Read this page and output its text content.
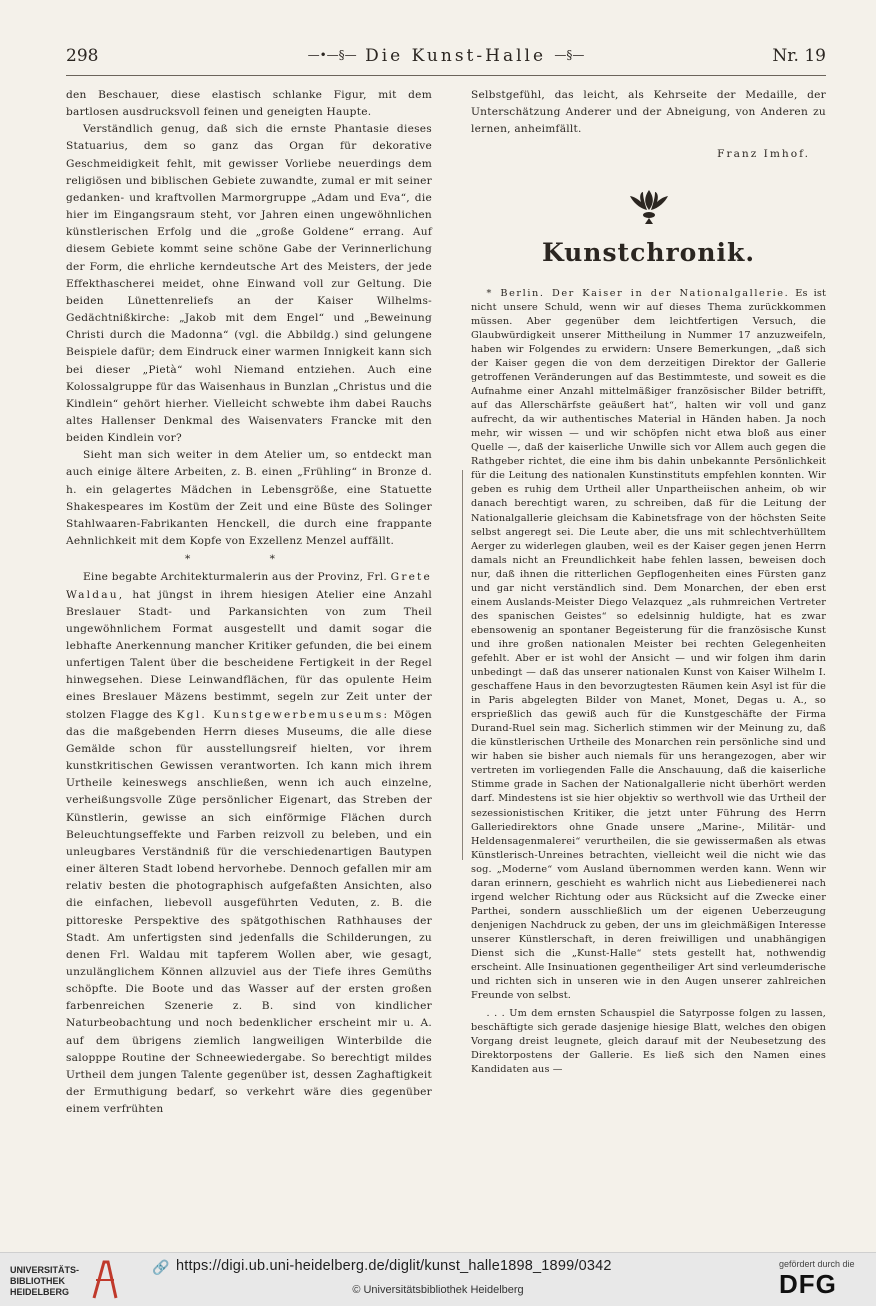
298	—•—§— Die Kunst-Halle —§—	Nr. 19

den Beschauer, diese elastisch schlanke Figur, mit dem bartlosen ausdrucksvoll feinen und geneigten Haupte.

Verständlich genug, daß sich die ernste Phantasie dieses Statuarius, dem so ganz das Organ für dekorative Geschmeidigkeit fehlt, mit gewisser Vorliebe neuerdings dem religiösen und biblischen Gebiete zuwandte, zumal er mit seiner gedanken- und kraftvollen Marmorgruppe „Adam und Eva“, die hier im Eingangsraum steht, vor Jahren einen ungewöhnlichen künstlerischen Erfolg und die „große Goldene“ errang. Auf diesem Gebiete kommt seine schöne Gabe der Verinnerlichung der Form, die ehrliche kerndeutsche Art des Meisters, der jede Effekthascherei meidet, ohne Einwand voll zur Geltung. Die beiden Lünettenreliefs an der Kaiser Wilhelms-Gedächtnißkirche: „Jakob mit dem Engel“ und „Beweinung Christi durch die Madonna“ (vgl. die Abbildg.) sind gelungene Beispiele dafür; dem Eindruck einer warmen Innigkeit kann sich bei dieser „Pietà“ wohl Niemand entziehen. Auch eine Kolossalgruppe für das Waisenhaus in Bunzlan „Christus und die Kindlein“ gehört hierher. Vielleicht schwebte ihm dabei Rauchs altes Hallenser Denkmal des Waisenvaters Francke mit den beiden Kindlein vor?

Sieht man sich weiter in dem Atelier um, so entdeckt man auch einige ältere Arbeiten, z. B. einen „Frühling“ in Bronze d. h. ein gelagertes Mädchen in Lebensgröße, eine Statuette Shakespeares im Kostüm der Zeit und eine Büste des Solinger Stahlwaaren-Fabrikanten Henckell, die durch eine frappante Aehnlichkeit mit dem Kopfe von Exzellenz Menzel auffällt.

* *

Eine begabte Architekturmalerin aus der Provinz, Frl. Grete Waldau, hat jüngst in ihrem hiesigen Atelier eine Anzahl Breslauer Stadt- und Parkansichten von zum Theil ungewöhnlichem Format ausgestellt und damit sogar die lebhafte Anerkennung mancher Kritiker gefunden, die bei einem unfertigen Talent über die bescheidene Fertigkeit in der Regel hinwegsehen. Diese Leinwandflächen, für das opulente Heim eines Breslauer Mäzens bestimmt, segeln zur Zeit unter der stolzen Flagge des Kgl. Kunstgewerbemuseums: Mögen das die maßgebenden Herrn dieses Museums, die alle diese Gemälde schon für ausstellungsreif hielten, vor ihrem kunstkritischen Gewissen verantworten. Ich kann mich ihrem Urtheile keineswegs anschließen, wenn ich auch einzelne, verheißungsvolle Züge persönlicher Eigenart, das Streben der Künstlerin, gewisse an sich einförmige Flächen durch Beleuchtungseffekte und Farben reizvoll zu beleben, und ein unleugbares Verständniß für die verschiedenartigen Bautypen einer älteren Stadt lobend hervorhebe. Dennoch gefallen mir am relativ besten die photographisch aufgefaßten Ansichten, also die einfachen, liebevoll ausgeführten Veduten, z. B. die pittoreske Perspektive des spätgothischen Rathhauses der Stadt. Am unfertigsten sind jedenfalls die Schilderungen, zu denen Frl. Waldau mit tapferem Wollen aber, wie gesagt, unzulänglichem Können allzuviel aus der Tiefe ihres Gemüths schöpfte. Die Boote und das Wasser auf der ersten großen farbenreichen Szenerie z. B. sind von kindlicher Naturbeobachtung und noch bedenklicher erscheint mir u. A. auf dem übrigens ziemlich langweiligen Winterbilde die salopppe Routine der Schneewiedergabe. So berechtigt mildes Urtheil dem jungen Talente gegenüber ist, dessen Zaghaftigkeit der Ermuthigung bedarf, so verkehrt wäre dies gegenüber einem verfrühten

Selbstgefühl, das leicht, als Kehrseite der Medaille, der Unterschätzung Anderer und der Abneigung, von Anderen zu lernen, anheimfällt.

Franz Imhof.

Kunstchronik.

* Berlin. Der Kaiser in der Nationalgallerie. Es ist nicht unsere Schuld, wenn wir auf dieses Thema zurückkommen müssen. Aber gegenüber dem leichtfertigen Versuch, die Glaubwürdigkeit unserer Mittheilung in Nummer 17 anzuzweifeln, haben wir Folgendes zu erwidern: Unsere Bemerkungen, „daß sich der Kaiser gegen die von dem derzeitigen Direktor der Gallerie getroffenen Veränderungen auf das Bestimmteste, und soweit es die Aufnahme einer Anzahl mittelmäßiger französischer Bilder betrifft, auf das Allerschärfste geäußert hat“, halten wir voll und ganz aufrecht, da wir authentisches Material in Händen haben. Ja noch mehr, wir wissen — und wir schöpfen nicht etwa bloß aus einer Quelle —, daß der kaiserliche Unwille sich vor Allem auch gegen die Rathgeber richtet, die eine ihm bis dahin unbekannte Persönlichkeit für die Leitung des nationalen Kunstinstituts empfehlen konnten. Wir geben es ruhig dem Urtheil aller Unpartheiischen anheim, ob wir danach berechtigt waren, zu schreiben, daß für die Leitung der Nationalgallerie gleichsam die Kabinetsfrage von der höchsten Seite selbst angeregt sei. Die Leute aber, die uns mit schlechtverhülltem Aerger zu widerlegen glauben, weil es der Kaiser gegen jenen Herrn damals nicht an Freundlichkeit habe fehlen lassen, beweisen doch nur, daß ihnen die ritterlichen Gepflogenheiten eines Fürsten ganz und gar nicht verständlich sind. Dem Monarchen, der eben erst einem Auslands-Meister Diego Velazquez „als ruhmreichen Vertreter des spanischen Geistes“ so edelsinnig huldigte, hat es zwar ebensowenig an spontaner Begeisterung für die französische Kunst und ihre großen nationalen Meister bei rechten Gelegenheiten gefehlt. Aber er ist wohl der Ansicht — und wir folgen ihm darin unbedingt — daß das unserer nationalen Kunst von Kaiser Wilhelm I. geschaffene Haus in den bevorzugtesten Räumen kein Asyl ist für die in Paris abgelegten Bilder von Manet, Monet, Degas u. A., so ersprießlich das gewiß auch für die Kunstgeschäfte der Firma Durand-Ruel sein mag. Sicherlich stimmen wir der Meinung zu, daß die künstlerischen Urtheile des Monarchen rein persönliche sind und wir haben sie bisher auch niemals für uns herangezogen, aber wir vertreten im vorliegenden Falle die Anschauung, daß die kaiserliche Stimme grade in Sachen der Nationalgallerie nicht überhört werden darf. Mindestens ist sie hier objektiv so werthvoll wie das Urtheil der sezessionistischen Kritiker, die jetzt unter Führung des Herrn Galleriedirektors ohne Gnade unsere „Marine-, Militär- und Heldensagenmalerei“ verurtheilen, die sie gewissermaßen als etwas Künstlerisch-Unreines betrachten, vielleicht weil die nicht wie das sog. „Moderne“ vom Ausland übernommen werden kann. Wenn wir daran erinnern, geschieht es wahrlich nicht aus Liebedienerei nach irgend welcher Richtung oder aus Rücksicht auf die Zwecke einer Parthei, sondern ausschließlich um der eigenen Ueberzeugung denjenigen Nachdruck zu geben, der uns im gleichmäßigen Interesse unserer Künstlerschaft, in deren freiwilligen und unabhängigen Dienst sich die „Kunst-Halle“ stets gestellt hat, nothwendig erscheint. Alle Insinuationen gegentheiliger Art sind verleumderische und richten sich in unseren wie in den Augen unserer zahlreichen Freunde von selbst.

. . . Um dem ernsten Schauspiel die Satyrposse folgen zu lassen, beschäftigte sich gerade dasjenige hiesige Blatt, welches den obigen Vorgang dreist leugnete, gleich darauf mit der Neubesetzung des Direktorpostens der Gallerie. Es ließ sich den Namen eines Kandidaten aus —

UNIVERSITÄTS-
BIBLIOTHEK
HEIDELBERG
🔗 https://digi.ub.uni-heidelberg.de/diglit/kunst_halle1898_1899/0342
© Universitätsbibliothek Heidelberg
gefördert durch die
DFG
